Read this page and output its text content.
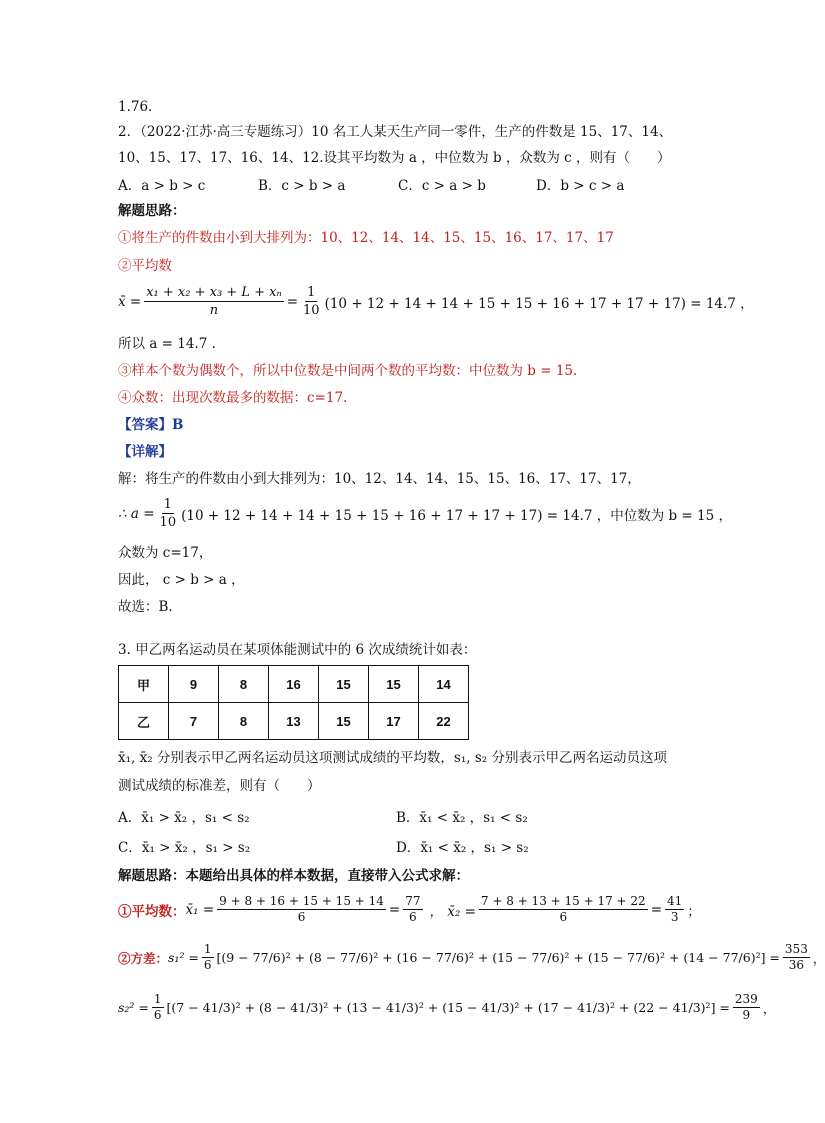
1.76.
2．（2022·江苏·高三专题练习）10 名工人某天生产同一零件，生产的件数是 15、17、14、
10、15、17、17、16、14、12.设其平均数为 a ，中位数为 b ，众数为 c ，则有（　　）
A．a > b > c	B．c > b > a	C．c > a > b	D．b > c > a
解题思路：
①将生产的件数由小到大排列为：10、12、14、14、15、15、16、17、17、17
②平均数
x̄ = $\frac{\text{x₁ + x₂ + x₃ + L + xₙ}}{n} = \frac{1}{10} (10 + 12 + 14 + 14 + 15 + 15 + 16 + 17 + 17 + 17) = 14.7$ ，
所以 a = 14.7 .
③样本个数为偶数个，所以中位数是中间两个数的平均数：中位数为 b = 15.
④众数：出现次数最多的数据：c=17.
【答案】B
【详解】
解：将生产的件数由小到大排列为：10、12、14、14、15、15、16、17、17、17，
∴ $a = \frac{1}{10} (10 + 12 + 14 + 14 + 15 + 15 + 16 + 17 + 17 + 17) = 14.7$ ，中位数为 b = 15 ，
众数为 c=17，
因此， c > b > a ，
故选：B．
3. 甲乙两名运动员在某项体能测试中的 6 次成绩统计如表：
甲	9	8	16	15	15	14
乙	7	8	13	15	17	22
x̄₁, x̄₂ 分别表示甲乙两名运动员这项测试成绩的平均数，s₁, s₂ 分别表示甲乙两名运动员这项
测试成绩的标准差，则有（　　）
A．x̄₁ > x̄₂ ，s₁ < s₂	B．x̄₁ < x̄₂ ，s₁ < s₂
C．x̄₁ > x̄₂ ，s₁ > s₂	D．x̄₁ < x̄₂ ，s₁ > s₂
解题思路：本题给出具体的样本数据，直接带入公式求解：
①平均数： x̄₁ = $\frac{9 + 8 + 16 + 15 + 15 + 14}{6} = \frac{77}{6}$ ， x̄₂ = $\frac{7 + 8 + 13 + 15 + 17 + 22}{6} = \frac{41}{3}$ ；
②方差： $s_1^2 = \frac{1}{6} [(9 - 77/6)^2 + (8 - 77/6)^2 + (16 - 77/6)^2 + (15 - 77/6)^2 + (15 - 77/6)^2 + (14 - 77/6)^2] = \frac{353}{36}$ ，
$s_2^2 = \frac{1}{6} [(7 - 41/3)^2 + (8 - 41/3)^2 + (13 - 41/3)^2 + (15 - 41/3)^2 + (17 - 41/3)^2 + (22 - 41/3)^2] = \frac{239}{9}$ ，
